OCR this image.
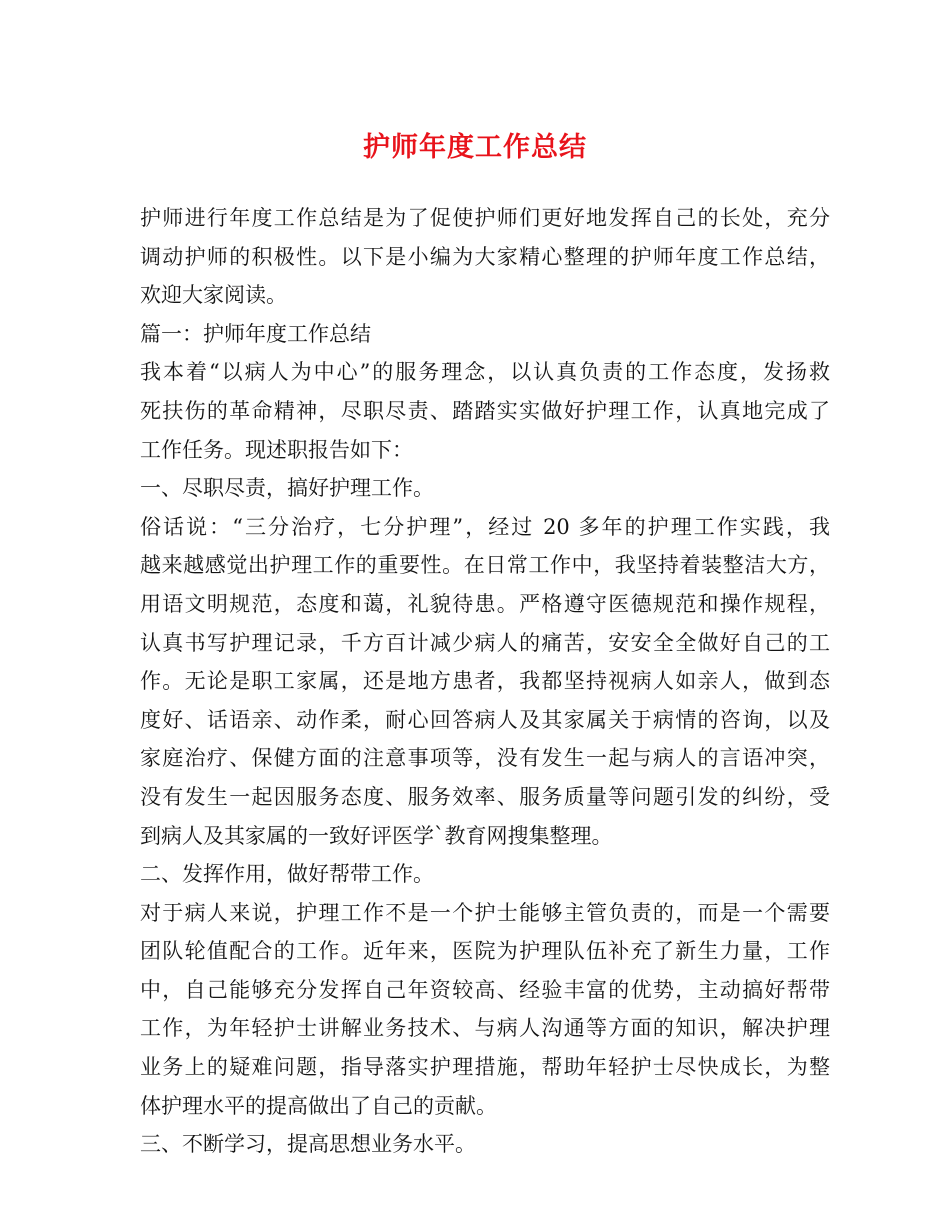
护师年度工作总结
护师进行年度工作总结是为了促使护师们更好地发挥自己的长处，充分
调动护师的积极性。以下是小编为大家精心整理的护师年度工作总结，
欢迎大家阅读。
篇一：护师年度工作总结
我本着“以病人为中心”的服务理念，以认真负责的工作态度，发扬救
死扶伤的革命精神，尽职尽责、踏踏实实做好护理工作，认真地完成了
工作任务。现述职报告如下：
一、尽职尽责，搞好护理工作。
俗话说：“三分治疗，七分护理”，经过 20 多年的护理工作实践，我
越来越感觉出护理工作的重要性。在日常工作中，我坚持着装整洁大方，
用语文明规范，态度和蔼，礼貌待患。严格遵守医德规范和操作规程，
认真书写护理记录，千方百计减少病人的痛苦，安安全全做好自己的工
作。无论是职工家属，还是地方患者，我都坚持视病人如亲人，做到态
度好、话语亲、动作柔，耐心回答病人及其家属关于病情的咨询，以及
家庭治疗、保健方面的注意事项等，没有发生一起与病人的言语冲突，
没有发生一起因服务态度、服务效率、服务质量等问题引发的纠纷，受
到病人及其家属的一致好评医学`教育网搜集整理。
二、发挥作用，做好帮带工作。
对于病人来说，护理工作不是一个护士能够主管负责的，而是一个需要
团队轮值配合的工作。近年来，医院为护理队伍补充了新生力量，工作
中，自己能够充分发挥自己年资较高、经验丰富的优势，主动搞好帮带
工作，为年轻护士讲解业务技术、与病人沟通等方面的知识，解决护理
业务上的疑难问题，指导落实护理措施，帮助年轻护士尽快成长，为整
体护理水平的提高做出了自己的贡献。
三、不断学习，提高思想业务水平。
